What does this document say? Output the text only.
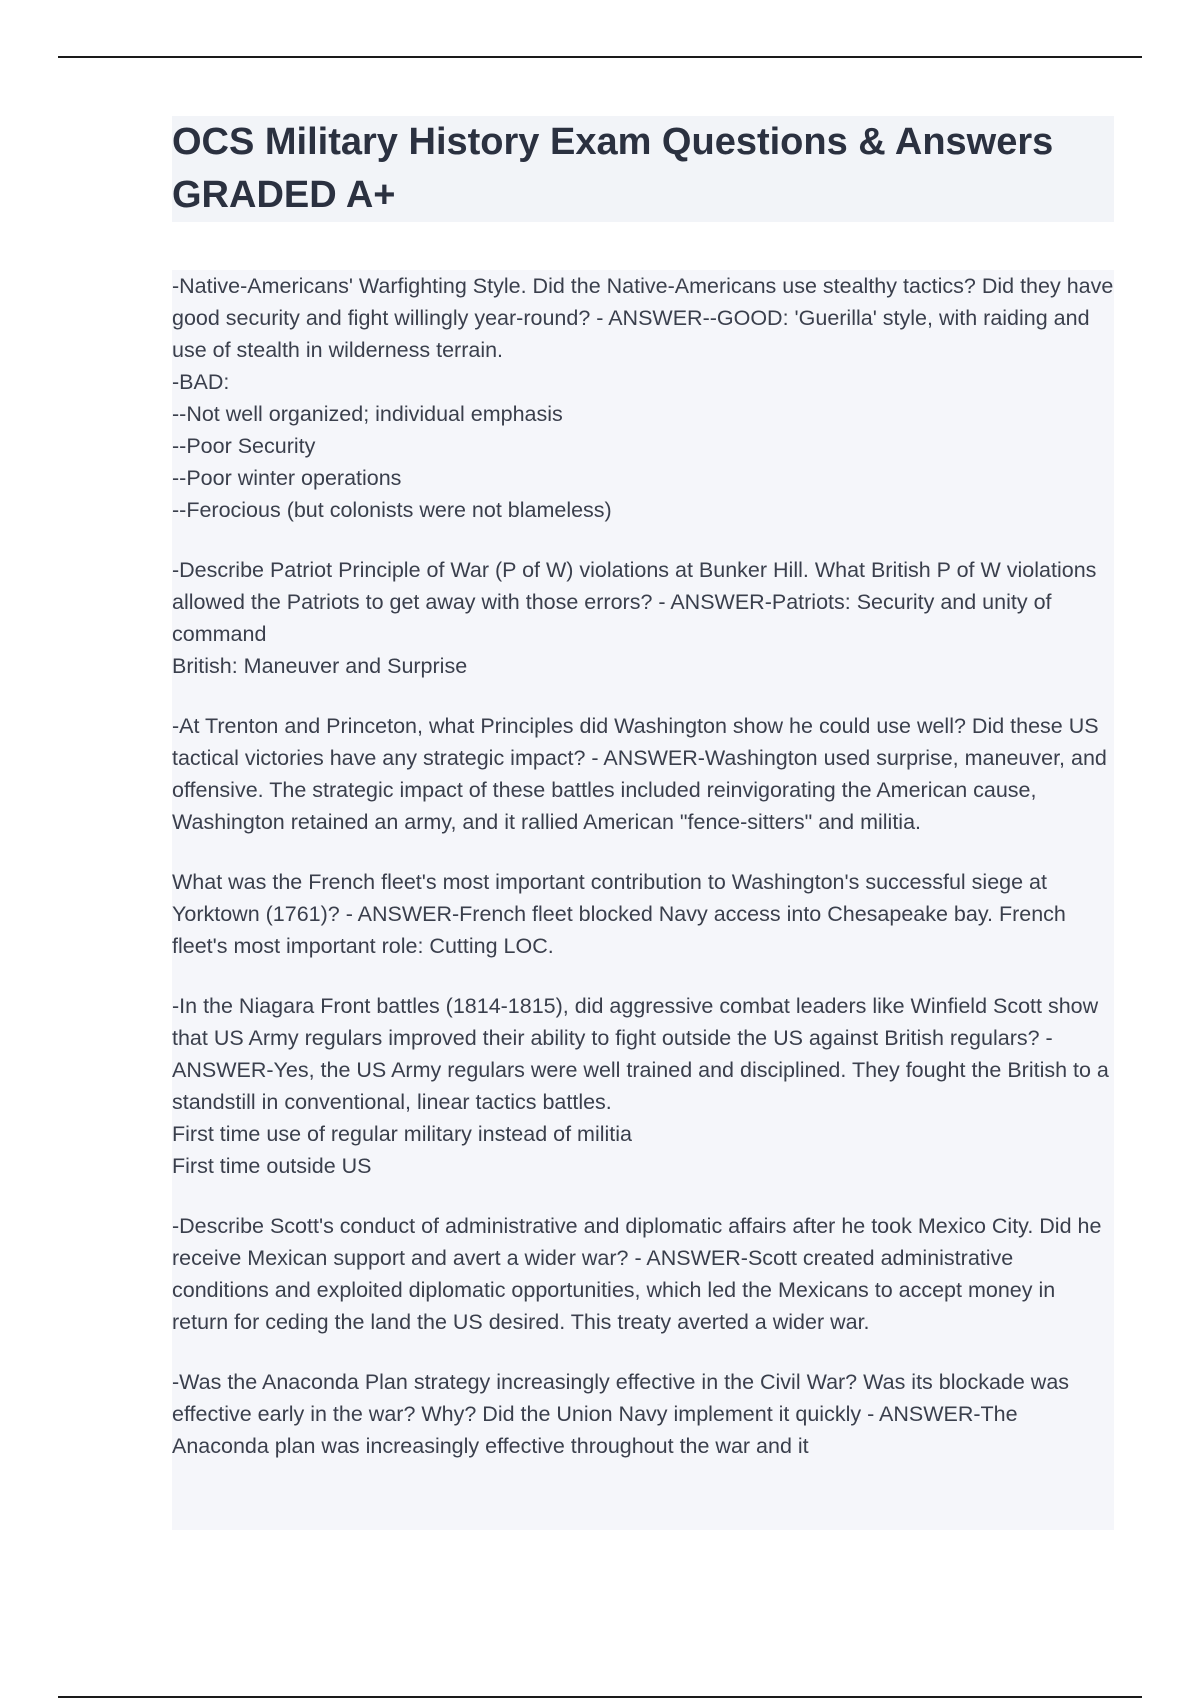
OCS Military History Exam Questions & Answers GRADED A+

-Native-Americans' Warfighting Style. Did the Native-Americans use stealthy tactics? Did they have good security and fight willingly year-round? - ANSWER--GOOD: 'Guerilla' style, with raiding and use of stealth in wilderness terrain.
-BAD:
--Not well organized; individual emphasis
--Poor Security
--Poor winter operations
--Ferocious (but colonists were not blameless)

-Describe Patriot Principle of War (P of W) violations at Bunker Hill. What British P of W violations allowed the Patriots to get away with those errors? - ANSWER-Patriots: Security and unity of command
British: Maneuver and Surprise

-At Trenton and Princeton, what Principles did Washington show he could use well? Did these US tactical victories have any strategic impact? - ANSWER-Washington used surprise, maneuver, and offensive. The strategic impact of these battles included reinvigorating the American cause, Washington retained an army, and it rallied American "fence-sitters" and militia.

What was the French fleet's most important contribution to Washington's successful siege at Yorktown (1761)? - ANSWER-French fleet blocked Navy access into Chesapeake bay. French fleet's most important role: Cutting LOC.

-In the Niagara Front battles (1814-1815), did aggressive combat leaders like Winfield Scott show that US Army regulars improved their ability to fight outside the US against British regulars? - ANSWER-Yes, the US Army regulars were well trained and disciplined. They fought the British to a standstill in conventional, linear tactics battles.
First time use of regular military instead of militia
First time outside US

-Describe Scott's conduct of administrative and diplomatic affairs after he took Mexico City. Did he receive Mexican support and avert a wider war? - ANSWER-Scott created administrative conditions and exploited diplomatic opportunities, which led the Mexicans to accept money in return for ceding the land the US desired. This treaty averted a wider war.

-Was the Anaconda Plan strategy increasingly effective in the Civil War? Was its blockade was effective early in the war? Why? Did the Union Navy implement it quickly - ANSWER-The Anaconda plan was increasingly effective throughout the war and it
